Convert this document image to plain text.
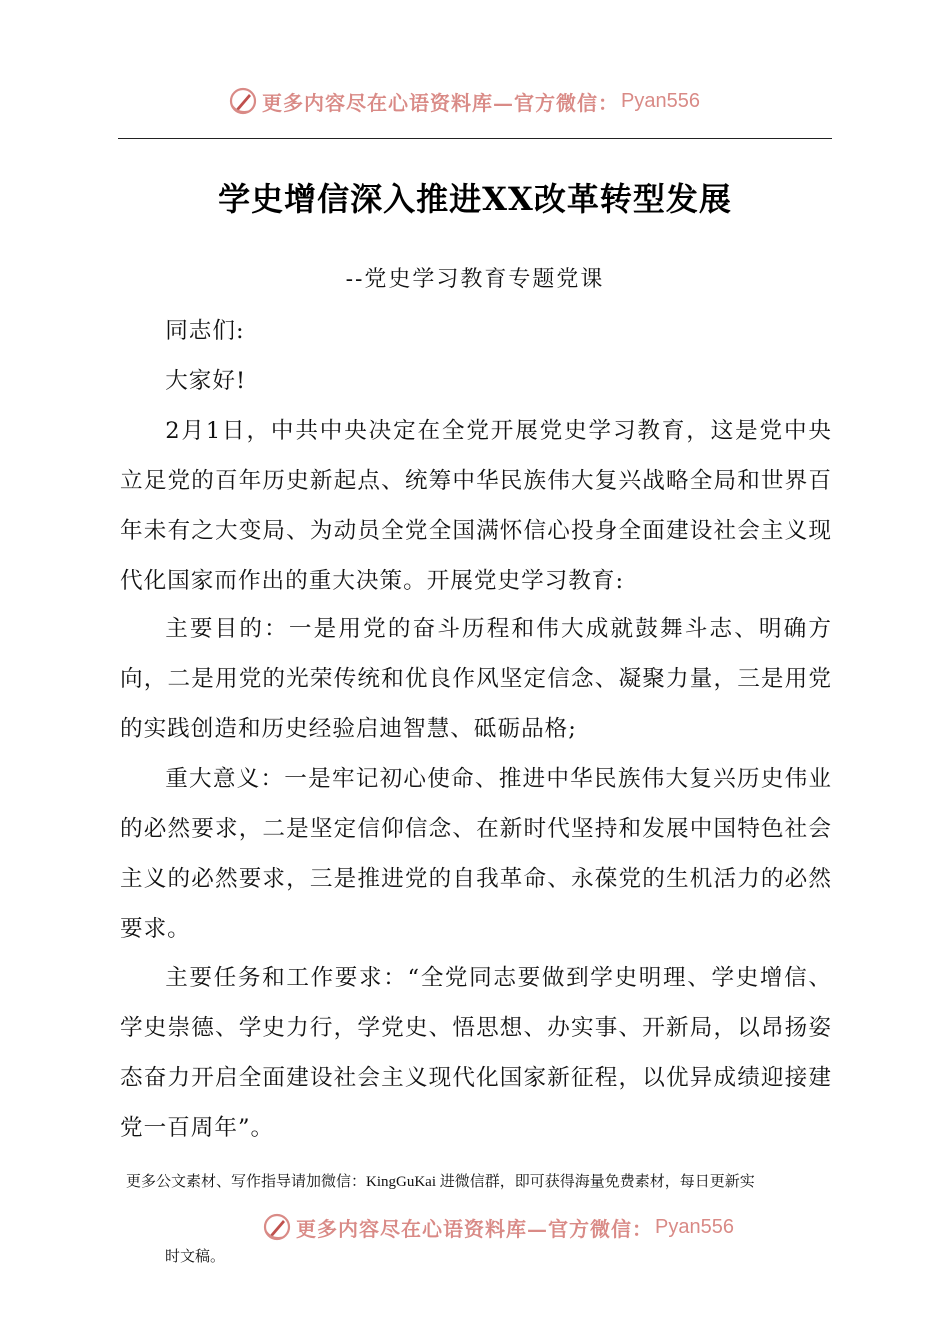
更多内容尽在心语资料库—官方微信： Pyan556
学史增信深入推进XX改革转型发展
--党史学习教育专题党课

同志们:

大家好!

2月1日，中共中央决定在全党开展党史学习教育，这是党中央立足党的百年历史新起点、统筹中华民族伟大复兴战略全局和世界百年未有之大变局、为动员全党全国满怀信心投身全面建设社会主义现代化国家而作出的重大决策。开展党史学习教育:

主要目的：一是用党的奋斗历程和伟大成就鼓舞斗志、明确方向，二是用党的光荣传统和优良作风坚定信念、凝聚力量，三是用党的实践创造和历史经验启迪智慧、砥砺品格;

重大意义：一是牢记初心使命、推进中华民族伟大复兴历史伟业的必然要求，二是坚定信仰信念、在新时代坚持和发展中国特色社会主义的必然要求，三是推进党的自我革命、永葆党的生机活力的必然要求。

主要任务和工作要求：“全党同志要做到学史明理、学史增信、学史崇德、学史力行，学党史、悟思想、办实事、开新局，以昂扬姿态奋力开启全面建设社会主义现代化国家新征程，以优异成绩迎接建党一百周年”。

更多公文素材、写作指导请加微信：KingGuKai 进微信群，即可获得海量免费素材，每日更新实
更多内容尽在心语资料库—官方微信： Pyan556
时文稿。
